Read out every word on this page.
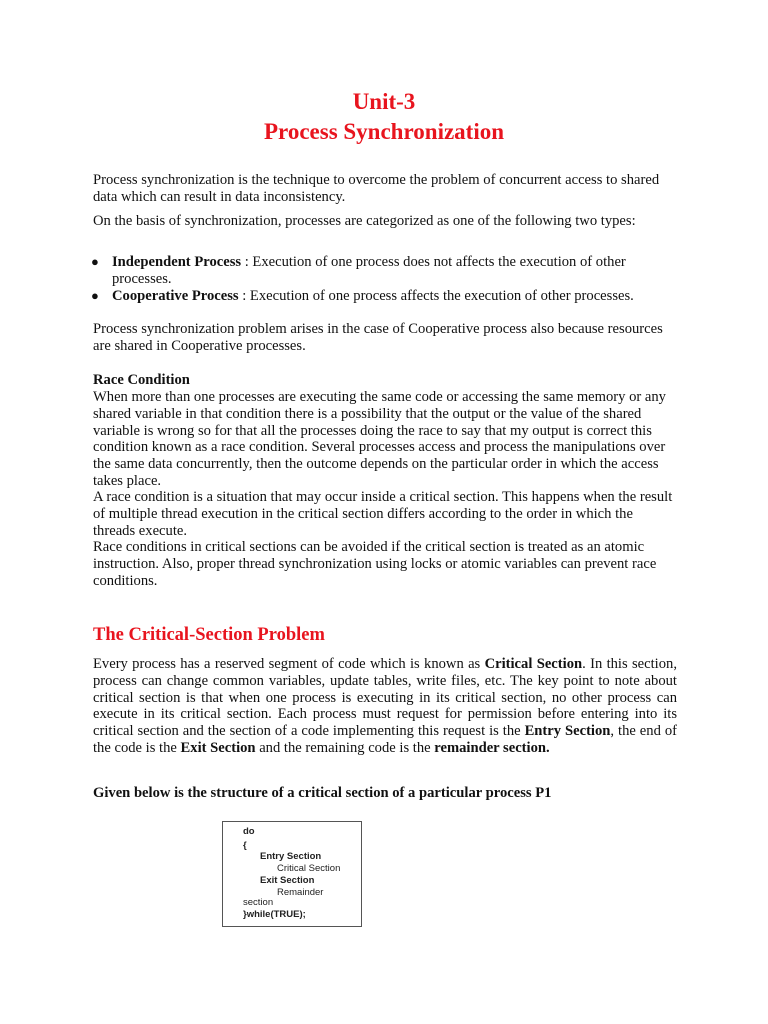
Unit-3
Process Synchronization

Process synchronization is the technique to overcome the problem of concurrent access to shared data which can result in data inconsistency.

On the basis of synchronization, processes are categorized as one of the following two types:

● Independent Process : Execution of one process does not affects the execution of other processes.
● Cooperative Process : Execution of one process affects the execution of other processes.

Process synchronization problem arises in the case of Cooperative process also because resources are shared in Cooperative processes.

Race Condition

When more than one processes are executing the same code or accessing the same memory or any shared variable in that condition there is a possibility that the output or the value of the shared variable is wrong so for that all the processes doing the race to say that my output is correct this condition known as a race condition. Several processes access and process the manipulations over the same data concurrently, then the outcome depends on the particular order in which the access takes place.

A race condition is a situation that may occur inside a critical section. This happens when the result of multiple thread execution in the critical section differs according to the order in which the threads execute.

Race conditions in critical sections can be avoided if the critical section is treated as an atomic instruction. Also, proper thread synchronization using locks or atomic variables can prevent race conditions.

The Critical-Section Problem

Every process has a reserved segment of code which is known as Critical Section. In this section, process can change common variables, update tables, write files, etc. The key point to note about critical section is that when one process is executing in its critical section, no other process can execute in its critical section. Each process must request for permission before entering into its critical section and the section of a code implementing this request is the Entry Section, the end of the code is the Exit Section and the remaining code is the remainder section.

Given below is the structure of a critical section of a particular process P1
do
{
Entry Section
Critical Section
Exit Section
Remainder
section
}while(TRUE);
